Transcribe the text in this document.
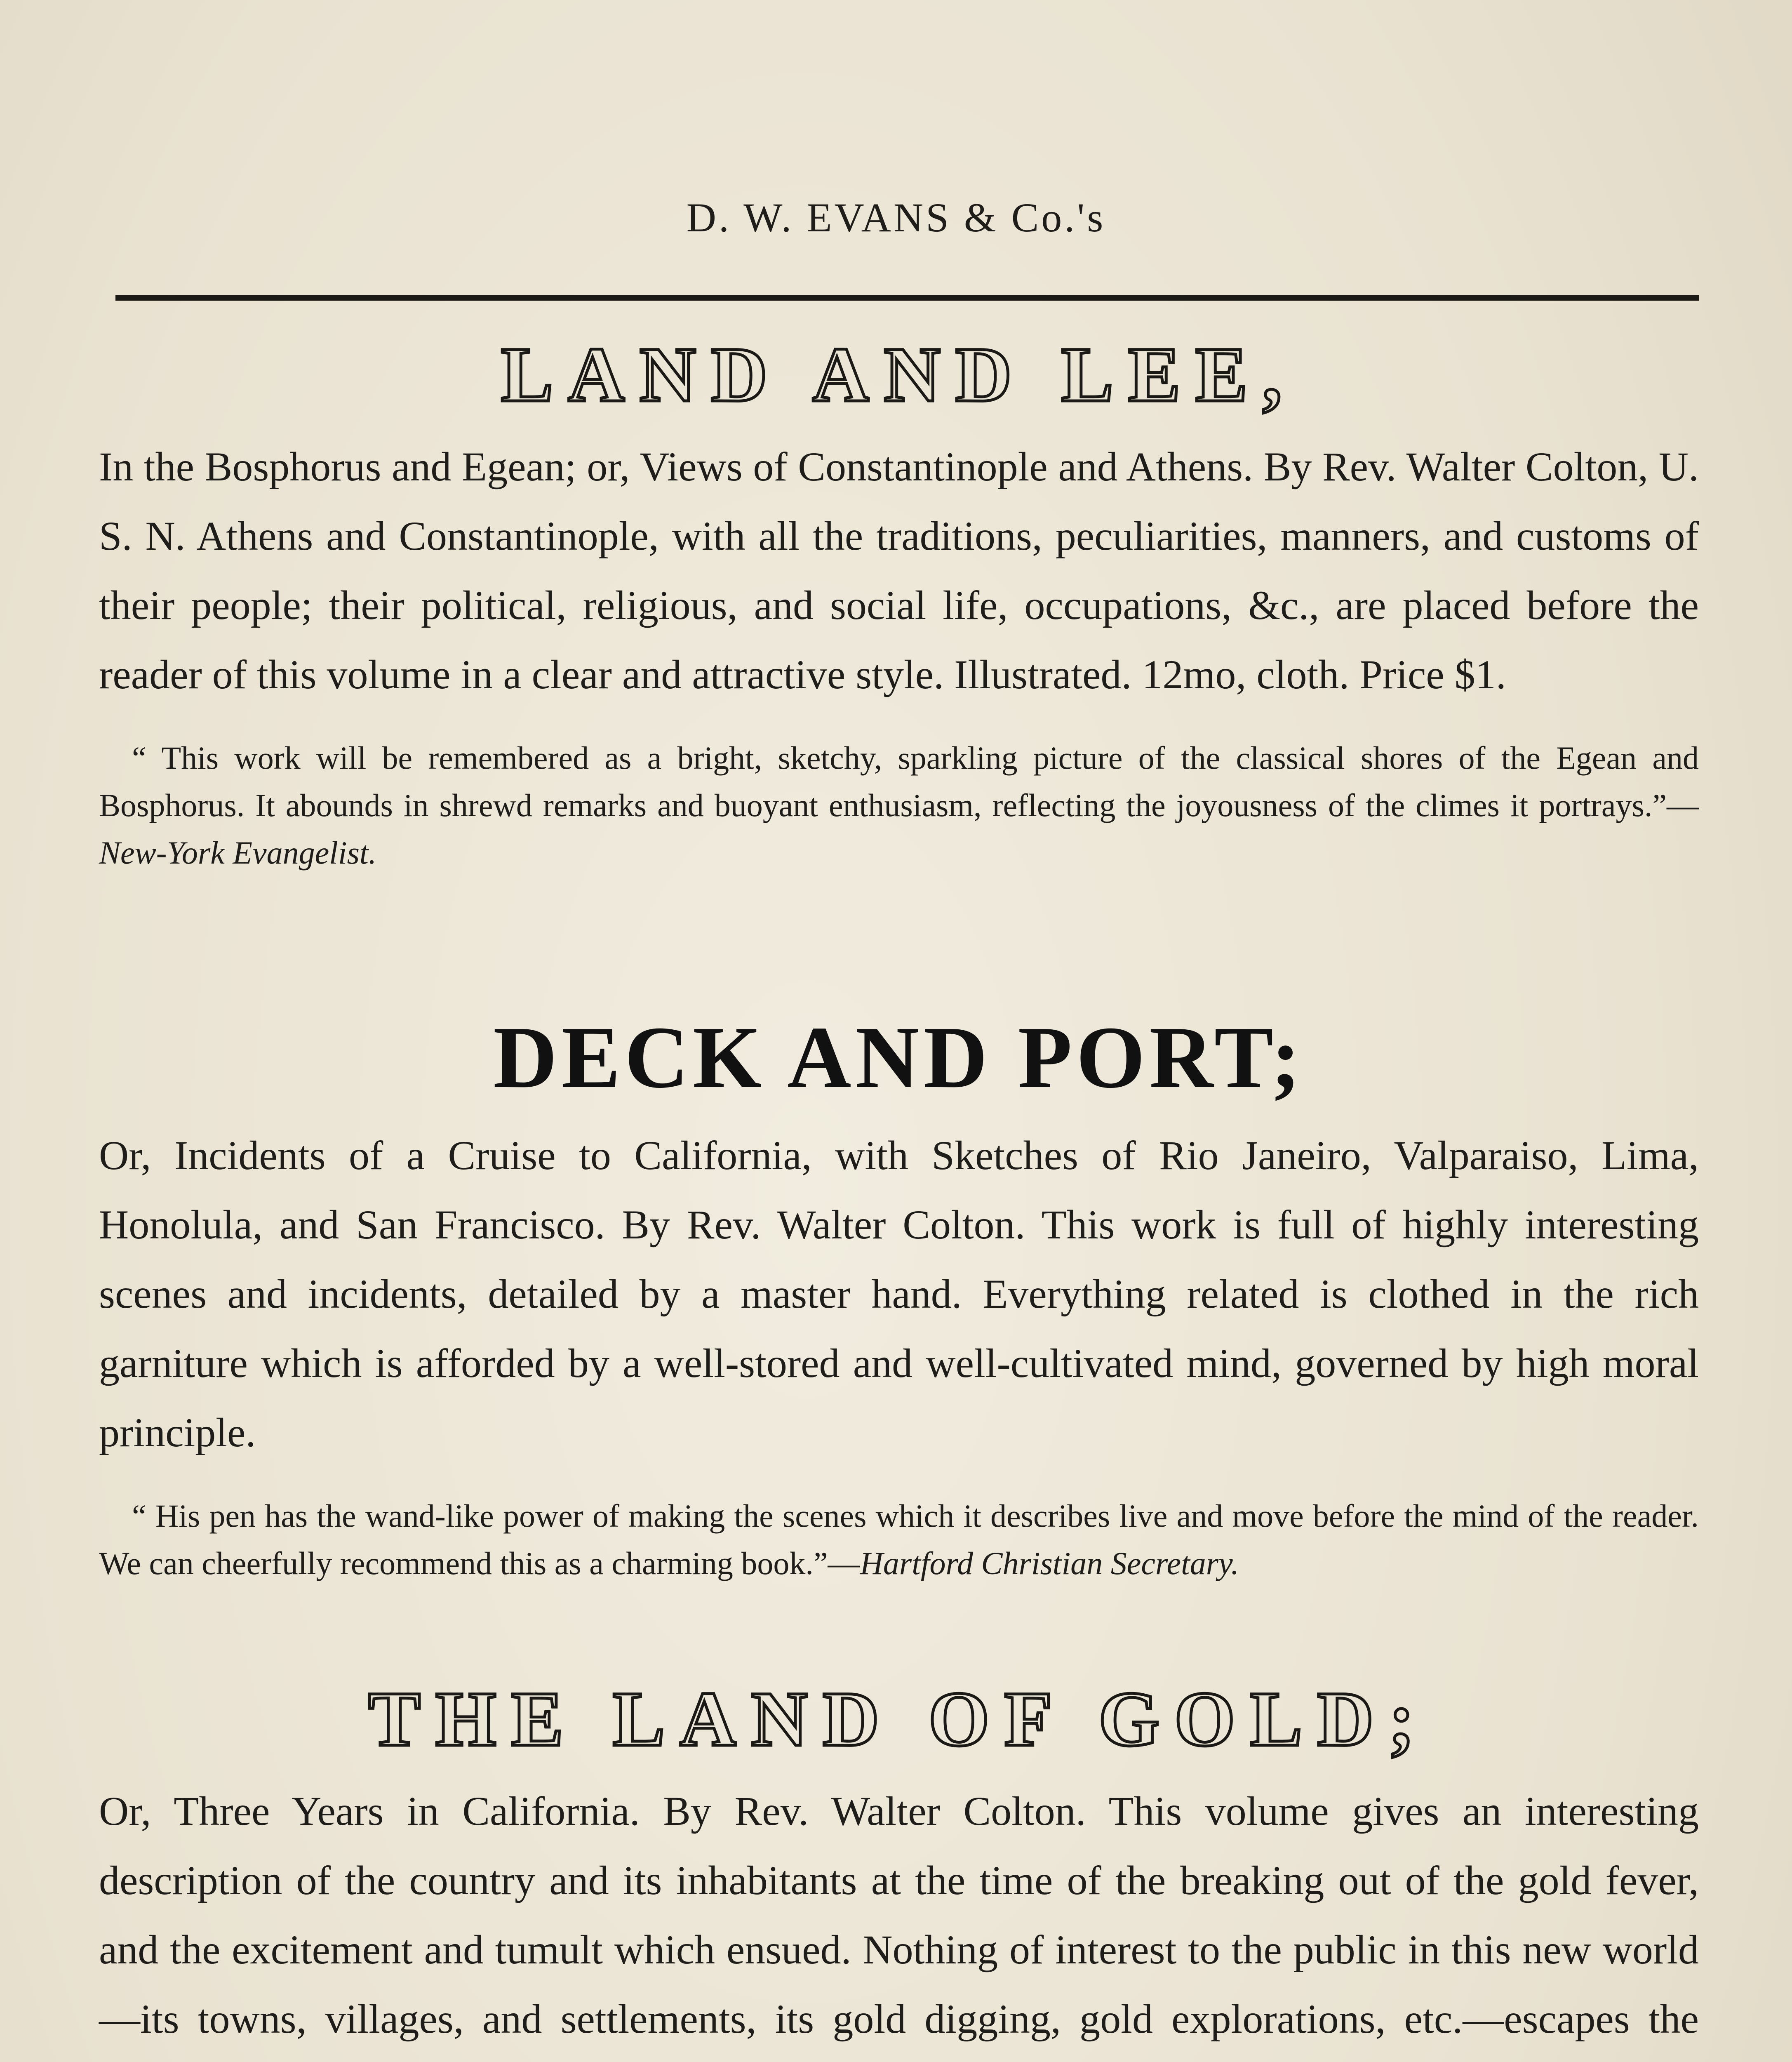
D. W. EVANS & Co.'s
LAND AND LEE,
In the Bosphorus and Egean; or, Views of Constantinople and Athens. By Rev. Walter Colton, U. S. N. Athens and Constantinople, with all the traditions, peculiarities, manners, and customs of their people; their political, religious, and social life, occupations, &c., are placed before the reader of this volume in a clear and attractive style. Illustrated. 12mo, cloth. Price $1.
“ This work will be remembered as a bright, sketchy, sparkling picture of the classical shores of the Egean and Bosphorus. It abounds in shrewd remarks and buoyant enthusiasm, reflecting the joyousness of the climes it portrays.”—New-York Evangelist.
DECK AND PORT;
Or, Incidents of a Cruise to California, with Sketches of Rio Janeiro, Valparaiso, Lima, Honolula, and San Francisco. By Rev. Walter Colton. This work is full of highly interesting scenes and incidents, detailed by a master hand. Everything related is clothed in the rich garniture which is afforded by a well-stored and well-cultivated mind, governed by high moral principle.
“ His pen has the wand-like power of making the scenes which it describes live and move before the mind of the reader. We can cheerfully recommend this as a charming book.”—Hartford Christian Secretary.
THE LAND OF GOLD;
Or, Three Years in California. By Rev. Walter Colton. This volume gives an interesting description of the country and its inhabitants at the time of the breaking out of the gold fever, and the excitement and tumult which ensued. Nothing of interest to the public in this new world—its towns, villages, and settlements, its gold digging, gold explorations, etc.—escapes the
